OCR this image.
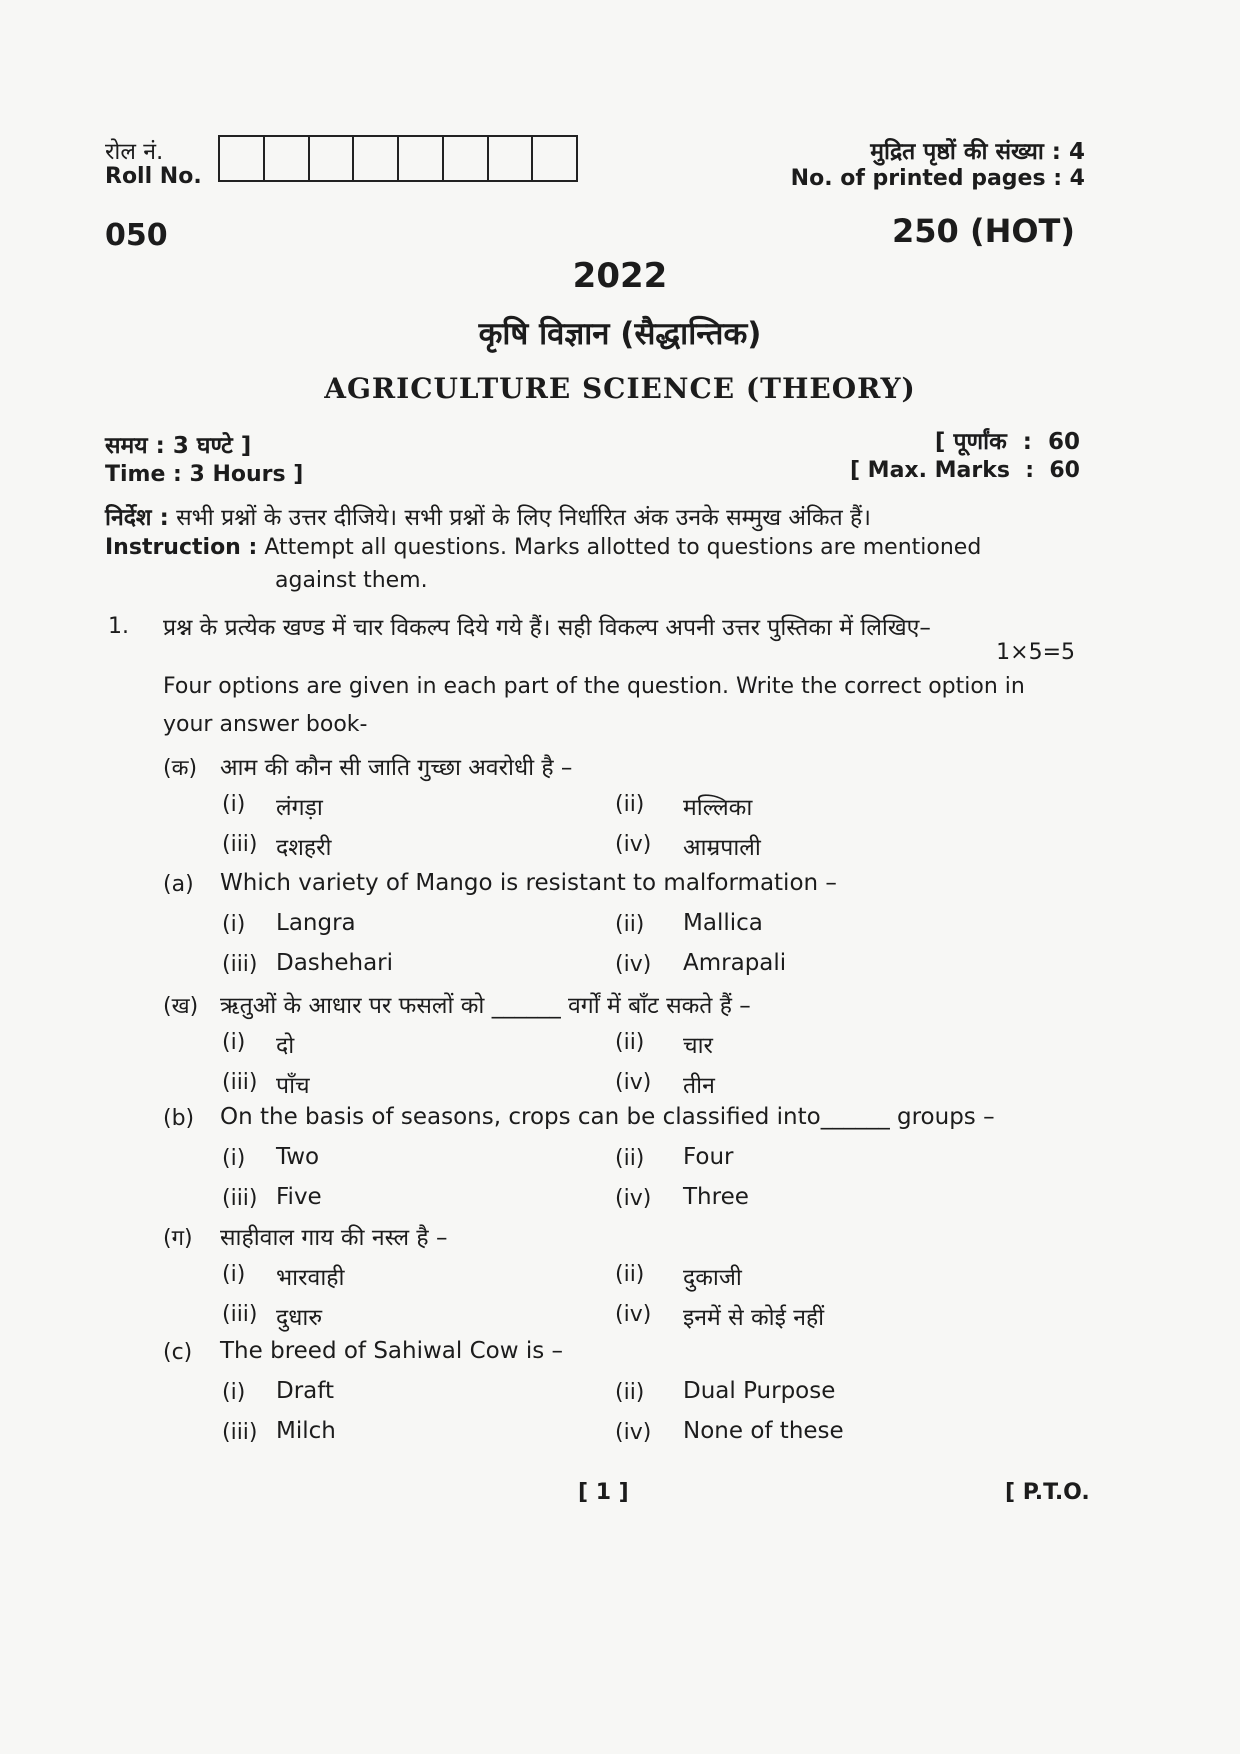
रोल नं.
Roll No.
मुद्रित पृष्ठों की संख्या : 4
No. of printed pages : 4
050	250 (HOT)
2022
कृषि विज्ञान (सैद्धान्तिक)
AGRICULTURE SCIENCE (THEORY)
समय : 3 घण्टे ]
Time : 3 Hours ]
[ पूर्णांक  :  60
[ Max. Marks  :  60
निर्देश : सभी प्रश्नों के उत्तर दीजिये। सभी प्रश्नों के लिए निर्धारित अंक उनके सम्मुख अंकित हैं।
Instruction : Attempt all questions. Marks allotted to questions are mentioned
against them.
1. प्रश्न के प्रत्येक खण्ड में चार विकल्प दिये गये हैं। सही विकल्प अपनी उत्तर पुस्तिका में लिखिए–
1×5=5
Four options are given in each part of the question. Write the correct option in
your answer book-
(क) आम की कौन सी जाति गुच्छा अवरोधी है –
(i) लंगड़ा	(ii) मल्लिका
(iii) दशहरी	(iv) आम्रपाली
(a) Which variety of Mango is resistant to malformation –
(i) Langra	(ii) Mallica
(iii) Dashehari	(iv) Amrapali
(ख) ऋतुओं के आधार पर फसलों को ______ वर्गों में बाँट सकते हैं –
(i) दो	(ii) चार
(iii) पाँच	(iv) तीन
(b) On the basis of seasons, crops can be classified into______ groups –
(i) Two	(ii) Four
(iii) Five	(iv) Three
(ग) साहीवाल गाय की नस्ल है –
(i) भारवाही	(ii) दुकाजी
(iii) दुधारु	(iv) इनमें से कोई नहीं
(c) The breed of Sahiwal Cow is –
(i) Draft	(ii) Dual Purpose
(iii) Milch	(iv) None of these
[ 1 ]	[ P.T.O.
